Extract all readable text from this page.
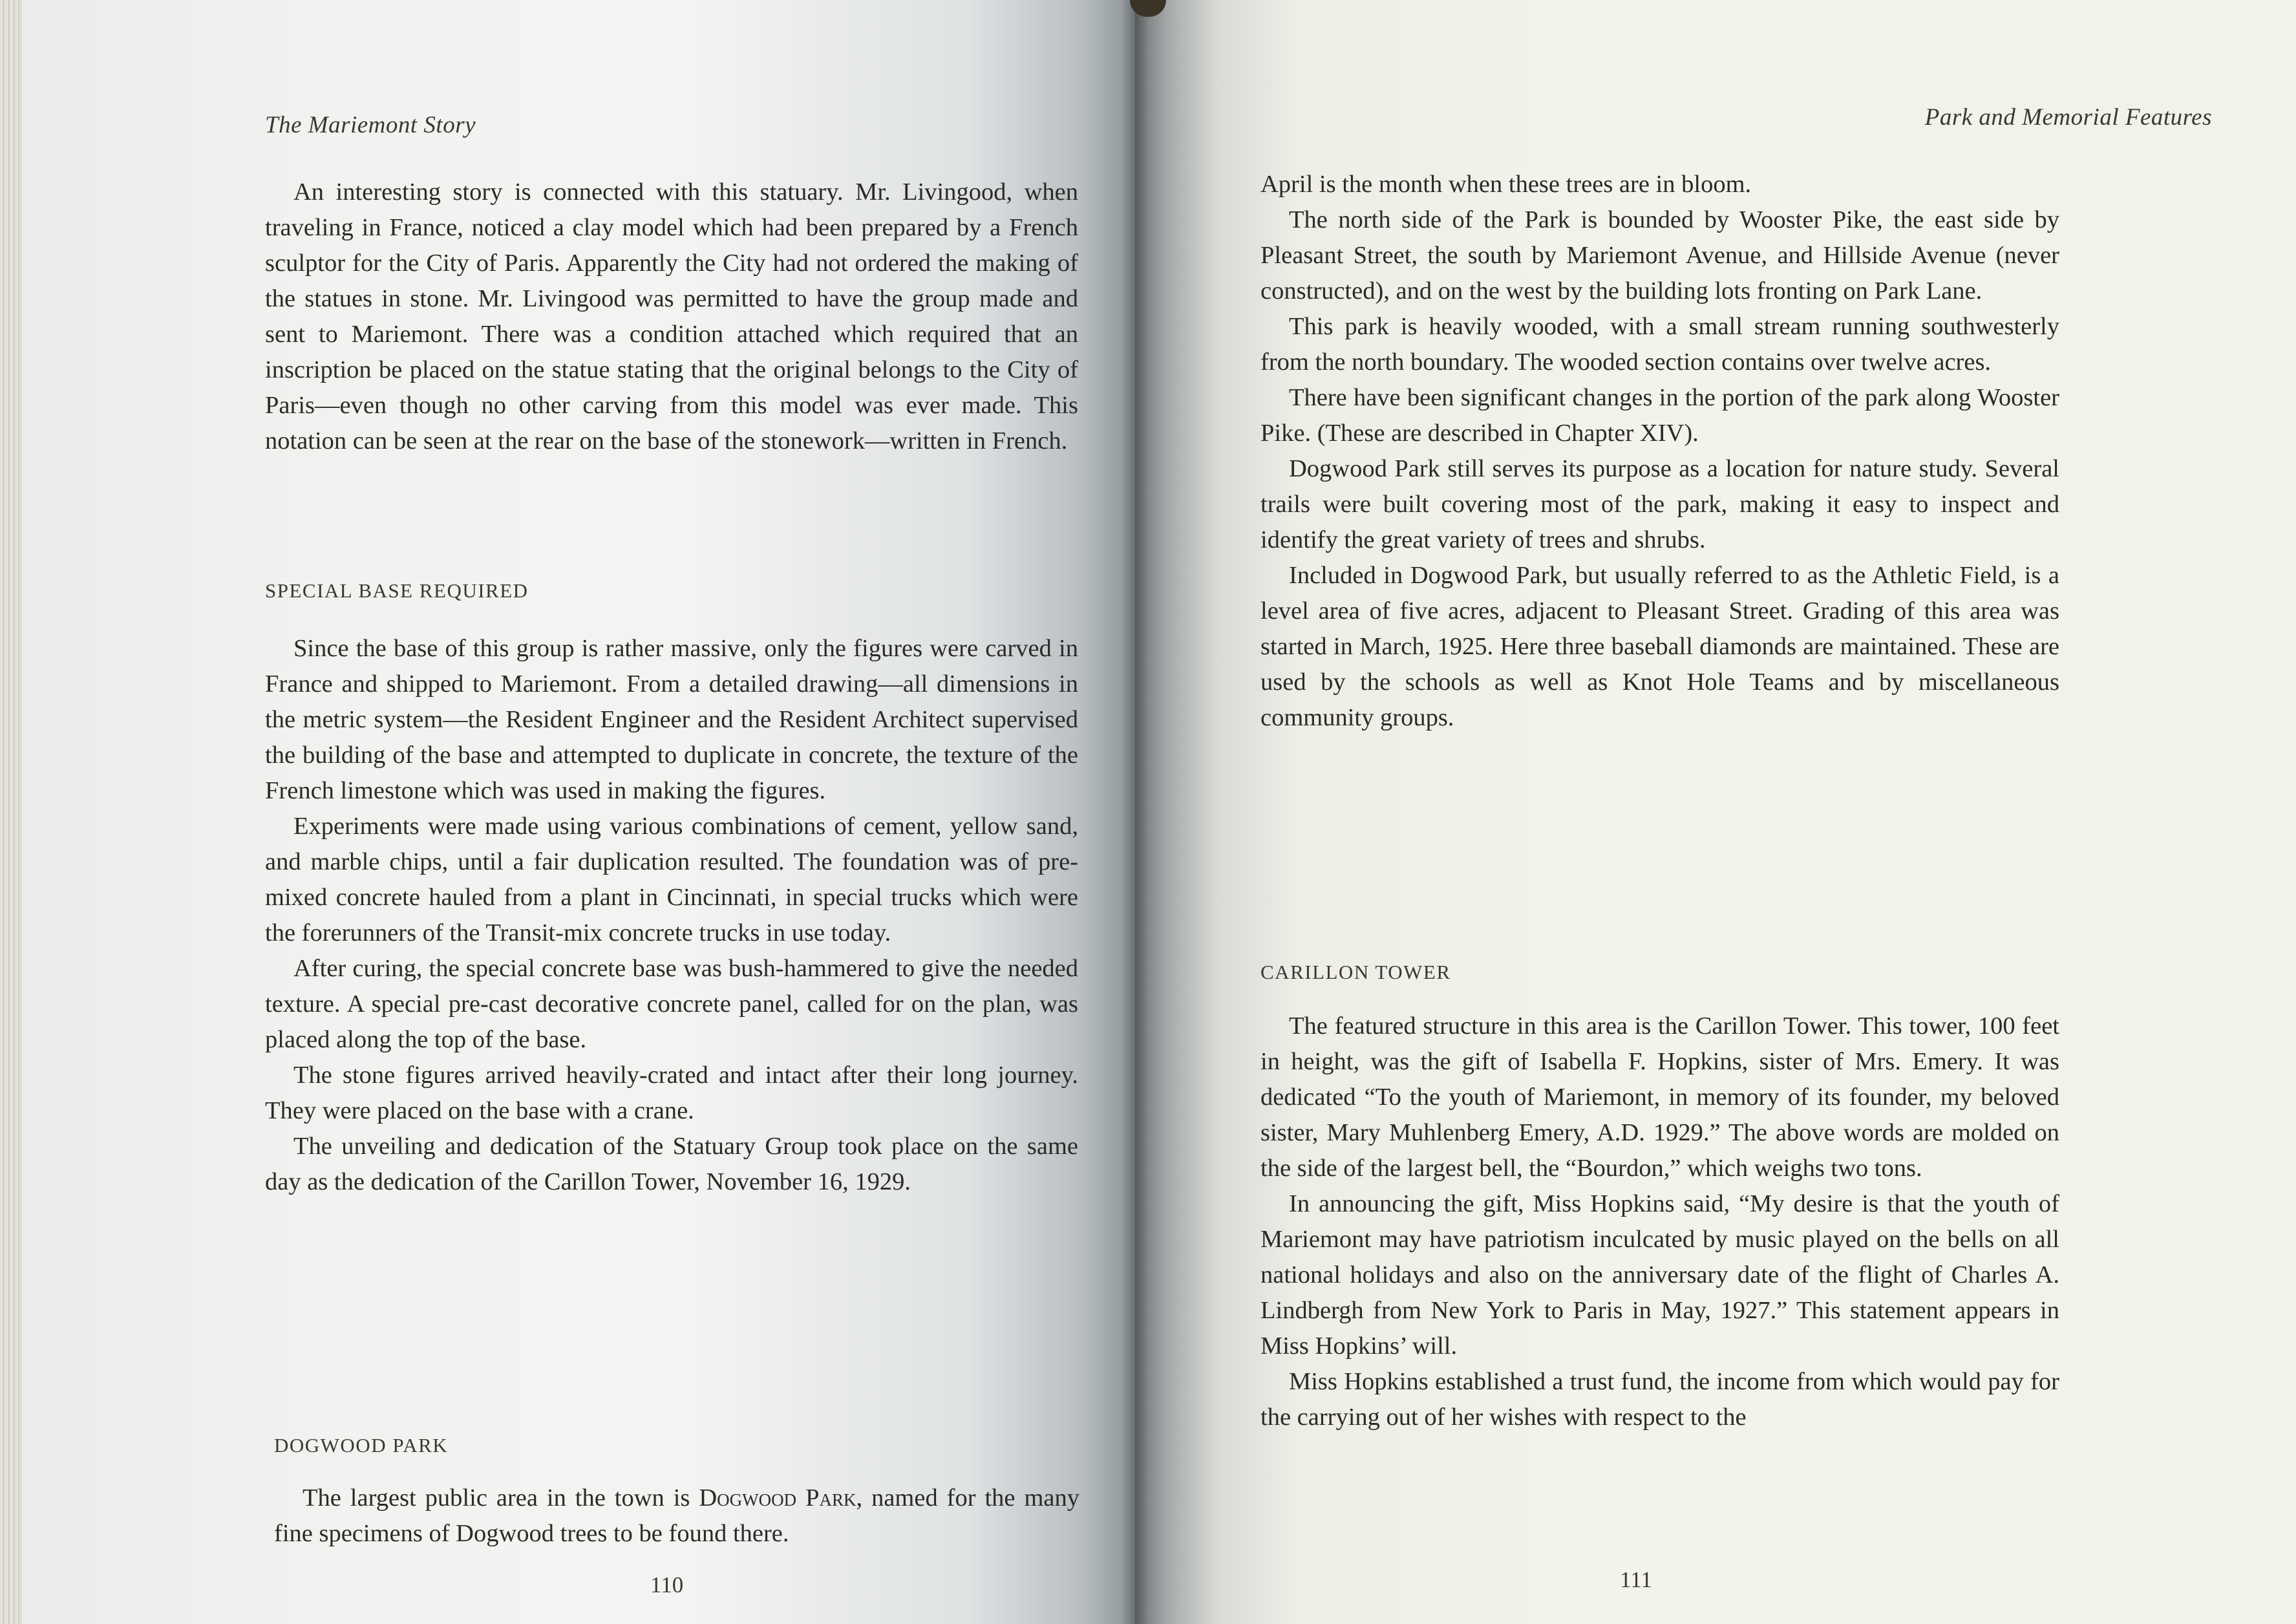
The Mariemont Story

An interesting story is connected with this statuary. Mr. Livingood, when traveling in France, noticed a clay model which had been prepared by a French sculptor for the City of Paris. Apparently the City had not ordered the making of the statues in stone. Mr. Livingood was permitted to have the group made and sent to Mariemont. There was a condition attached which required that an inscription be placed on the statue stating that the original belongs to the City of Paris—even though no other carving from this model was ever made. This notation can be seen at the rear on the base of the stonework—written in French.

SPECIAL BASE REQUIRED

Since the base of this group is rather massive, only the figures were carved in France and shipped to Mariemont. From a detailed drawing—all dimensions in the metric system—the Resident Engineer and the Resident Architect supervised the building of the base and attempted to duplicate in concrete, the texture of the French limestone which was used in making the figures.

Experiments were made using various combinations of cement, yellow sand, and marble chips, until a fair duplication resulted. The foundation was of pre-mixed concrete hauled from a plant in Cincinnati, in special trucks which were the forerunners of the Transit-mix concrete trucks in use today.

After curing, the special concrete base was bush-hammered to give the needed texture. A special pre-cast decorative concrete panel, called for on the plan, was placed along the top of the base.

The stone figures arrived heavily-crated and intact after their long journey. They were placed on the base with a crane.

The unveiling and dedication of the Statuary Group took place on the same day as the dedication of the Carillon Tower, November 16, 1929.

DOGWOOD PARK

The largest public area in the town is Dogwood Park, named for the many fine specimens of Dogwood trees to be found there.

110

Park and Memorial Features

April is the month when these trees are in bloom.

The north side of the Park is bounded by Wooster Pike, the east side by Pleasant Street, the south by Mariemont Avenue, and Hillside Avenue (never constructed), and on the west by the building lots fronting on Park Lane.

This park is heavily wooded, with a small stream running southwesterly from the north boundary. The wooded section contains over twelve acres.

There have been significant changes in the portion of the park along Wooster Pike. (These are described in Chapter XIV).

Dogwood Park still serves its purpose as a location for nature study. Several trails were built covering most of the park, making it easy to inspect and identify the great variety of trees and shrubs.

Included in Dogwood Park, but usually referred to as the Athletic Field, is a level area of five acres, adjacent to Pleasant Street. Grading of this area was started in March, 1925. Here three baseball diamonds are maintained. These are used by the schools as well as Knot Hole Teams and by miscellaneous community groups.

CARILLON TOWER

The featured structure in this area is the Carillon Tower. This tower, 100 feet in height, was the gift of Isabella F. Hopkins, sister of Mrs. Emery. It was dedicated “To the youth of Mariemont, in memory of its founder, my beloved sister, Mary Muhlenberg Emery, A.D. 1929.” The above words are molded on the side of the largest bell, the “Bourdon,” which weighs two tons.

In announcing the gift, Miss Hopkins said, “My desire is that the youth of Mariemont may have patriotism inculcated by music played on the bells on all national holidays and also on the anniversary date of the flight of Charles A. Lindbergh from New York to Paris in May, 1927.” This statement appears in Miss Hopkins’ will.

Miss Hopkins established a trust fund, the income from which would pay for the carrying out of her wishes with respect to the

111
